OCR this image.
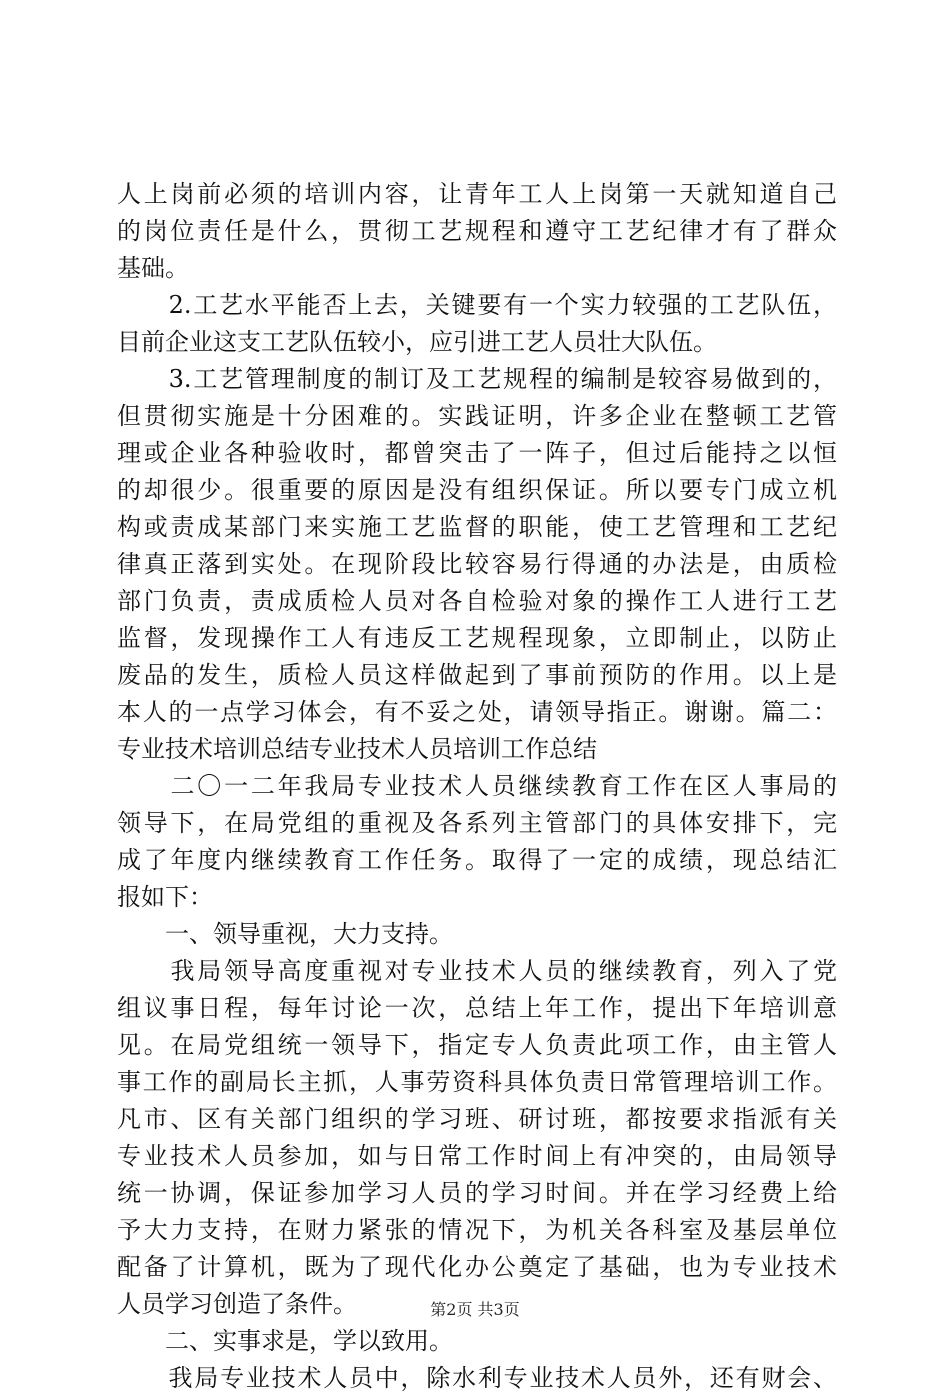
人上岗前必须的培训内容，让青年工人上岗第一天就知道自己
的岗位责任是什么，贯彻工艺规程和遵守工艺纪律才有了群众
基础。
　　2.工艺水平能否上去，关键要有一个实力较强的工艺队伍，
目前企业这支工艺队伍较小，应引进工艺人员壮大队伍。
　　3.工艺管理制度的制订及工艺规程的编制是较容易做到的，
但贯彻实施是十分困难的。实践证明，许多企业在整顿工艺管
理或企业各种验收时，都曾突击了一阵子，但过后能持之以恒
的却很少。很重要的原因是没有组织保证。所以要专门成立机
构或责成某部门来实施工艺监督的职能，使工艺管理和工艺纪
律真正落到实处。在现阶段比较容易行得通的办法是，由质检
部门负责，责成质检人员对各自检验对象的操作工人进行工艺
监督，发现操作工人有违反工艺规程现象，立即制止，以防止
废品的发生，质检人员这样做起到了事前预防的作用。以上是
本人的一点学习体会，有不妥之处，请领导指正。谢谢。篇二：
专业技术培训总结专业技术人员培训工作总结
　　二〇一二年我局专业技术人员继续教育工作在区人事局的
领导下，在局党组的重视及各系列主管部门的具体安排下，完
成了年度内继续教育工作任务。取得了一定的成绩，现总结汇
报如下：
　　一、领导重视，大力支持。
　　我局领导高度重视对专业技术人员的继续教育，列入了党
组议事日程，每年讨论一次，总结上年工作，提出下年培训意
见。在局党组统一领导下，指定专人负责此项工作，由主管人
事工作的副局长主抓，人事劳资科具体负责日常管理培训工作。
凡市、区有关部门组织的学习班、研讨班，都按要求指派有关
专业技术人员参加，如与日常工作时间上有冲突的，由局领导
统一协调，保证参加学习人员的学习时间。并在学习经费上给
予大力支持，在财力紧张的情况下，为机关各科室及基层单位
配备了计算机，既为了现代化办公奠定了基础，也为专业技术
人员学习创造了条件。
　　二、实事求是，学以致用。
　　我局专业技术人员中，除水利专业技术人员外，还有财会、
第2页 共3页
